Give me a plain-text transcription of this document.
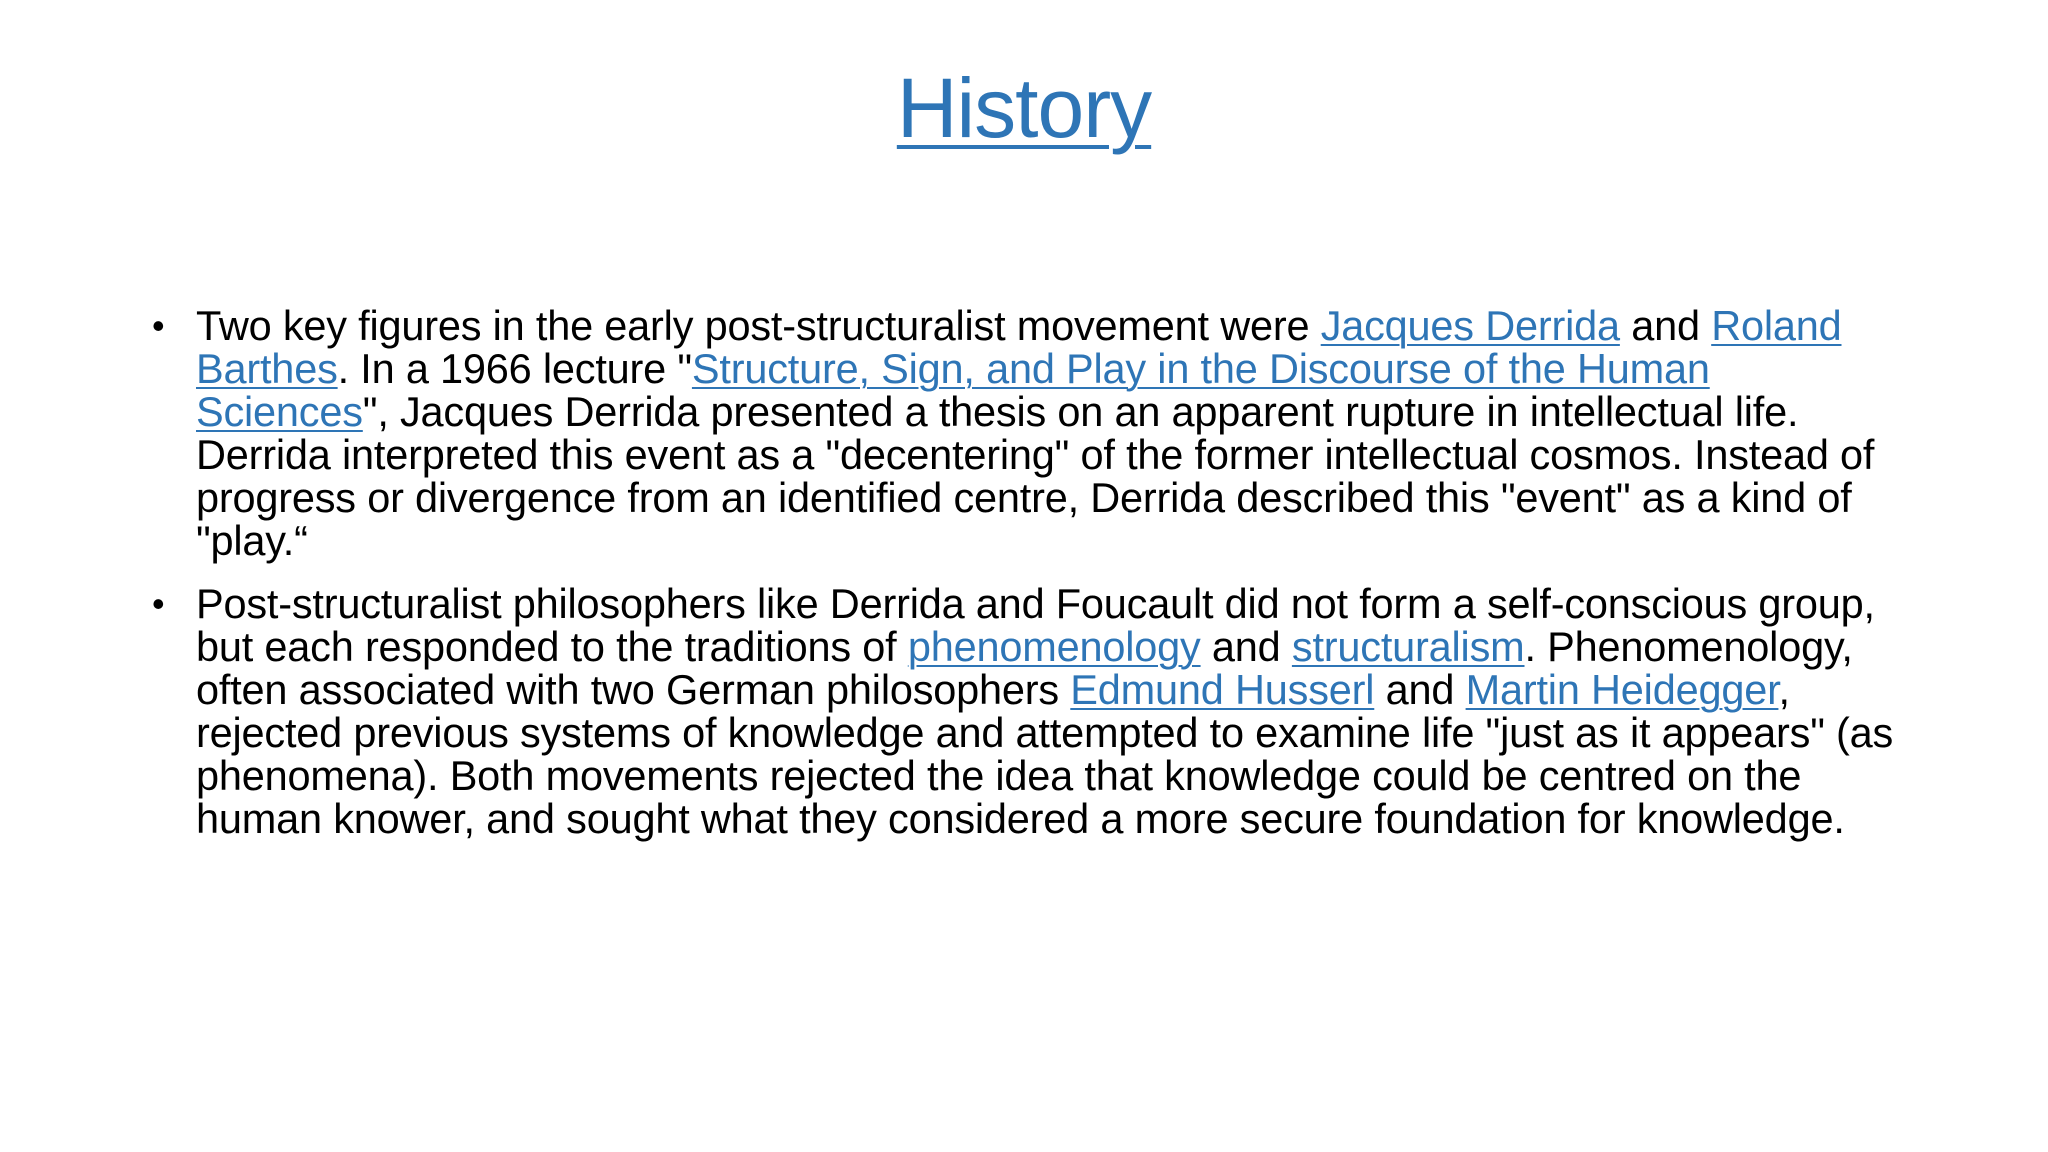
History
• Two key figures in the early post-structuralist movement were Jacques Derrida and Roland Barthes. In a 1966 lecture "Structure, Sign, and Play in the Discourse of the Human Sciences", Jacques Derrida presented a thesis on an apparent rupture in intellectual life. Derrida interpreted this event as a "decentering" of the former intellectual cosmos. Instead of progress or divergence from an identified centre, Derrida described this "event" as a kind of "play.“
• Post-structuralist philosophers like Derrida and Foucault did not form a self-conscious group, but each responded to the traditions of phenomenology and structuralism. Phenomenology, often associated with two German philosophers Edmund Husserl and Martin Heidegger, rejected previous systems of knowledge and attempted to examine life "just as it appears" (as phenomena). Both movements rejected the idea that knowledge could be centred on the human knower, and sought what they considered a more secure foundation for knowledge.
